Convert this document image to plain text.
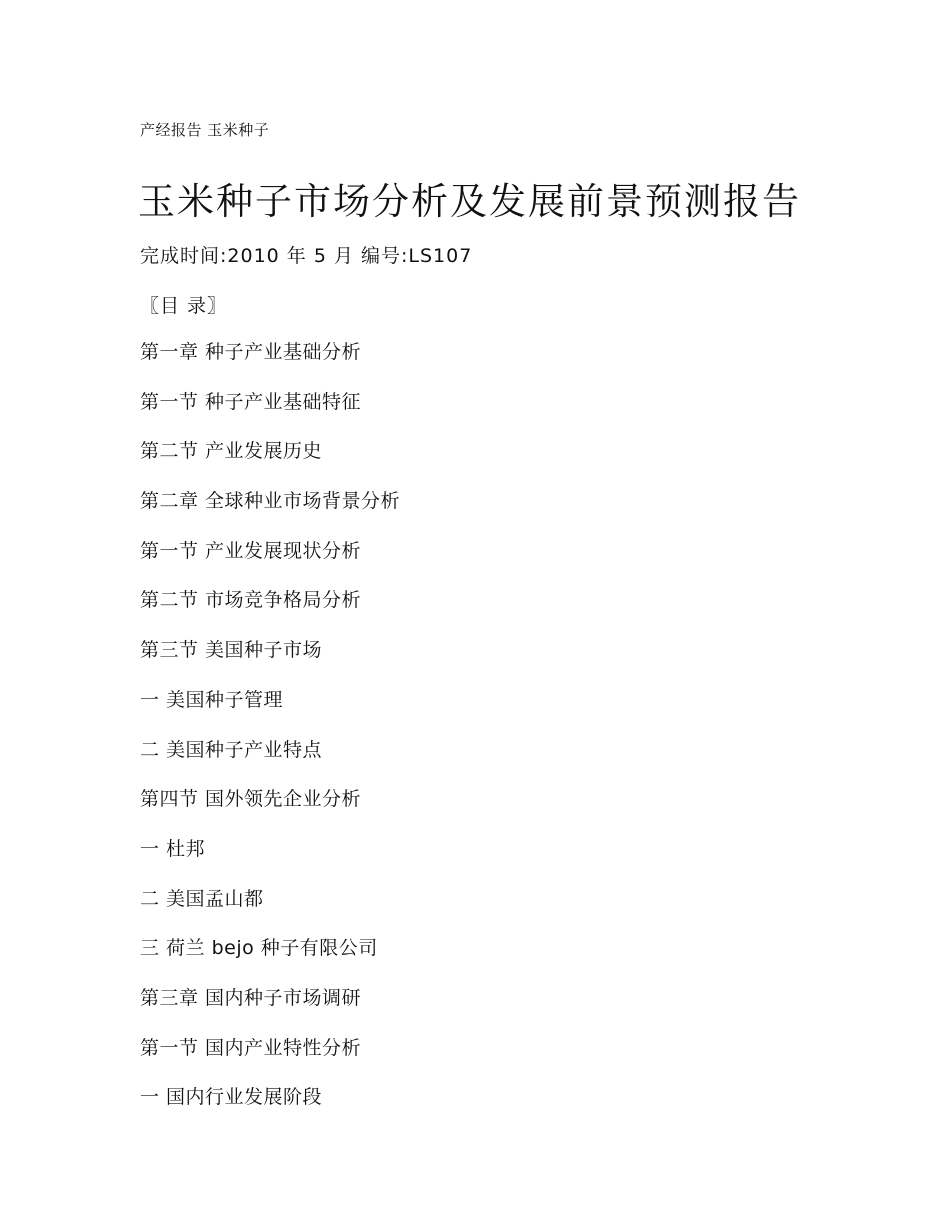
产经报告 玉米种子
玉米种子市场分析及发展前景预测报告
完成时间:2010 年 5 月 编号:LS107
〖目 录〗
第一章 种子产业基础分析
第一节 种子产业基础特征
第二节 产业发展历史
第二章 全球种业市场背景分析
第一节 产业发展现状分析
第二节 市场竞争格局分析
第三节 美国种子市场
一 美国种子管理
二 美国种子产业特点
第四节 国外领先企业分析
一 杜邦
二 美国孟山都
三 荷兰 bejo 种子有限公司
第三章 国内种子市场调研
第一节 国内产业特性分析
一 国内行业发展阶段
